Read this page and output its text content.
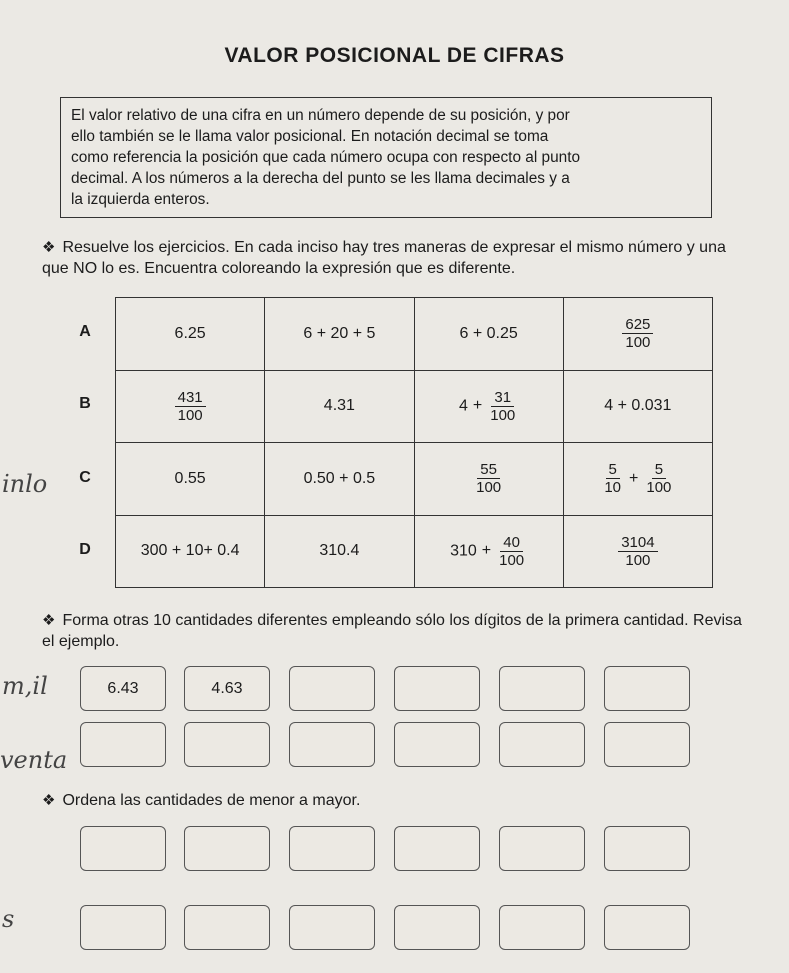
VALOR POSICIONAL DE CIFRAS
El valor relativo de una cifra en un número depende de su posición, y por
ello también se le llama valor posicional. En notación decimal se toma
como referencia la posición que cada número ocupa con respecto al punto
decimal. A los números a la derecha del punto se les llama decimales y a
la izquierda enteros.
❖ Resuelve los ejercicios. En cada inciso hay tres maneras de expresar el mismo número y una que NO lo es. Encuentra coloreando la expresión que es diferente.
A
B
C
D
6.25	6 + 20 + 5	6 + 0.25	$\frac{625}{100}$

$\frac{431}{100}$	4.31	$4 + \frac{31}{100}$	4 + 0.031
0.55	0.50 + 0.5	$\frac{55}{100}$	$\frac{5}{10} + \frac{5}{100}$

300 + 10+ 0.4	310.4	$310 + \frac{40}{100}$	$\frac{3104}{100}$
❖ Forma otras 10 cantidades diferentes empleando sólo los dígitos de la primera cantidad. Revisa el ejemplo.
6.43	4.63
❖ Ordena las cantidades de menor a mayor.
inlo
m,il
venta
s
